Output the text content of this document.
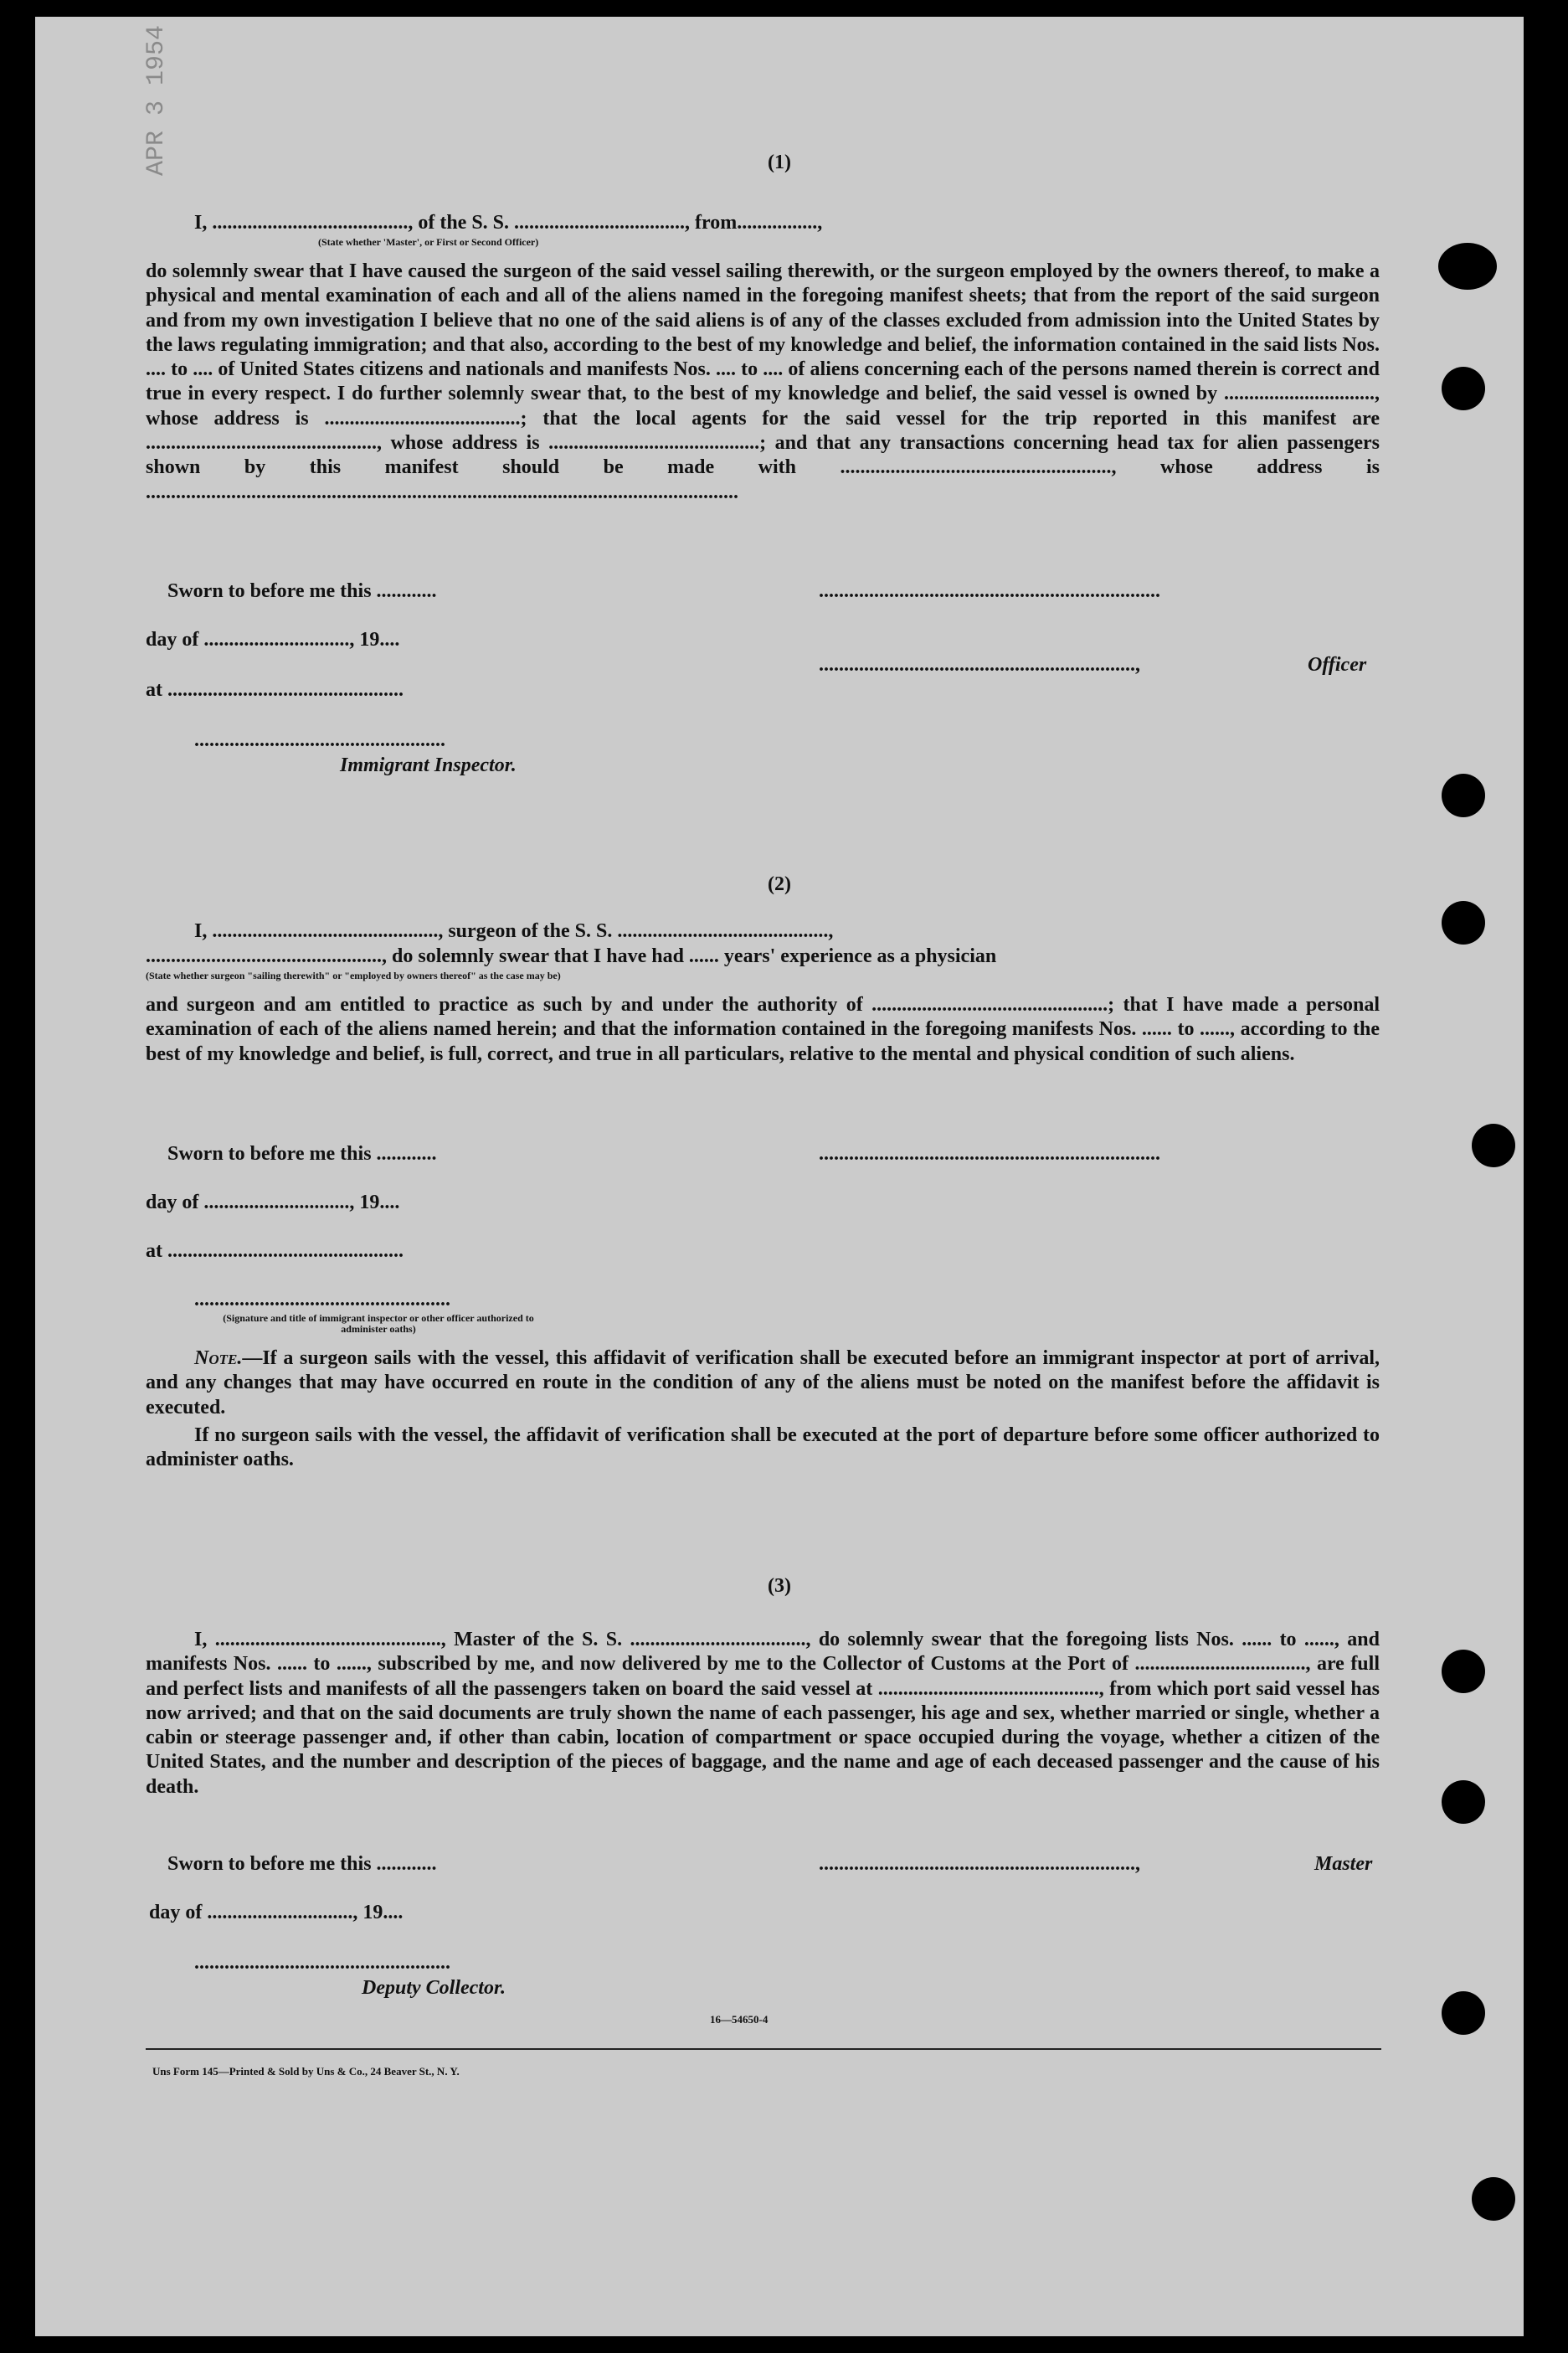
APR 3 1954	(1)
I, ......................................., of the S. S. .................................., from................,
(State whether 'Master', or First or Second Officer)
do solemnly swear that I have caused the surgeon of the said vessel sailing therewith, or the surgeon employed by the owners thereof, to make a physical and mental examination of each and all of the aliens named in the foregoing manifest sheets; that from the report of the said surgeon and from my own investigation I believe that no one of the said aliens is of any of the classes excluded from admission into the United States by the laws regulating immigration; and that also, according to the best of my knowledge and belief, the information contained in the said lists Nos. .... to .... of United States citizens and nationals and manifests Nos. .... to .... of aliens concerning each of the persons named therein is correct and true in every respect. I do further solemnly swear that, to the best of my knowledge and belief, the said vessel is owned by .............................., whose address is .......................................; that the local agents for the said vessel for the trip reported in this manifest are .............................................., whose address is ..........................................; and that any transactions concerning head tax for alien passengers shown by this manifest should be made with ......................................................, whose address is ......................................................................................................................
Sworn to before me this ............
day of ............................., 19....
at ...............................................
..................................................
Immigrant Inspector.
....................................................................
...............................................................,	Officer
(2)
I, ............................................., surgeon of the S. S. ..........................................,
..............................................., do solemnly swear that I have had ...... years' experience as a physician
(State whether surgeon "sailing therewith" or "employed by owners thereof" as the case may be)
and surgeon and am entitled to practice as such by and under the authority of ...............................................; that I have made a personal examination of each of the aliens named herein; and that the information contained in the foregoing manifests Nos. ...... to ......, according to the best of my knowledge and belief, is full, correct, and true in all particulars, relative to the mental and physical condition of such aliens.
Sworn to before me this ............
day of ............................., 19....
at ...............................................
...................................................
(Signature and title of immigrant inspector or other officer authorized to administer oaths)
....................................................................
Note.—If a surgeon sails with the vessel, this affidavit of verification shall be executed before an immigrant inspector at port of arrival, and any changes that may have occurred en route in the condition of any of the aliens must be noted on the manifest before the affidavit is executed.
If no surgeon sails with the vessel, the affidavit of verification shall be executed at the port of departure before some officer authorized to administer oaths.
(3)
I, ............................................., Master of the S. S. ..................................., do solemnly swear that the foregoing lists Nos. ...... to ......, and manifests Nos. ...... to ......, subscribed by me, and now delivered by me to the Collector of Customs at the Port of .................................., are full and perfect lists and manifests of all the passengers taken on board the said vessel at ............................................, from which port said vessel has now arrived; and that on the said documents are truly shown the name of each passenger, his age and sex, whether married or single, whether a cabin or steerage passenger and, if other than cabin, location of compartment or space occupied during the voyage, whether a citizen of the United States, and the number and description of the pieces of baggage, and the name and age of each deceased passenger and the cause of his death.
Sworn to before me this ............
day of ............................., 19....
...................................................
Deputy Collector.
...............................................................,	Master
16—54650-4
Uns Form 145—Printed & Sold by Uns & Co., 24 Beaver St., N. Y.
